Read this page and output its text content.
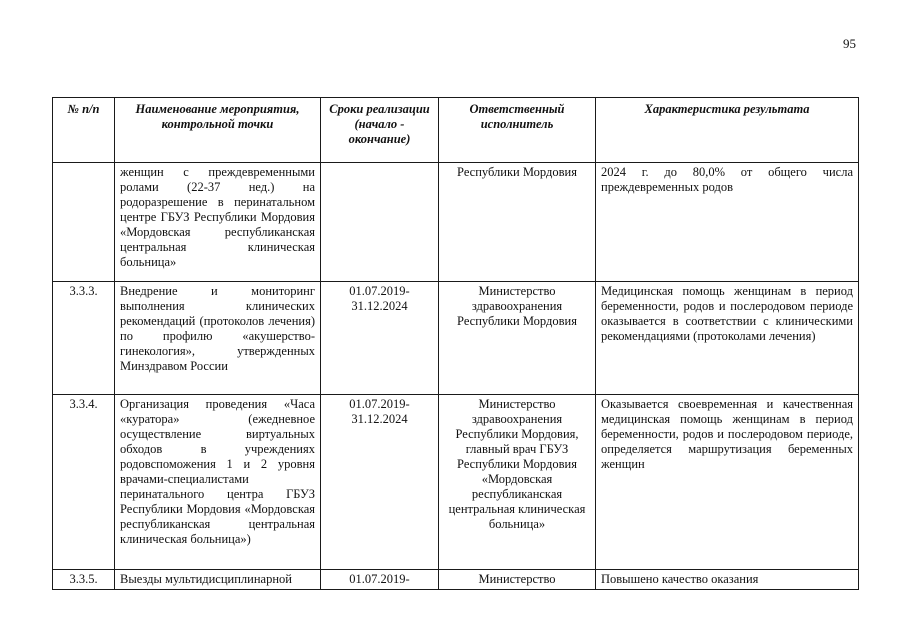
95
№ п/п	Наименование мероприятия, контрольной точки	Сроки реализации (начало - окончание)	Ответственный исполнитель	Характеристика результата
	женщин с преждевременными ролами (22-37 нед.) на родоразрешение в перинатальном центре ГБУЗ Республики Мордовия «Мордовская республиканская центральная клиническая больница»		Республики Мордовия	2024 г. до 80,0% от общего числа преждевременных родов
3.3.3.	Внедрение и мониторинг выполнения клинических рекомендаций (протоколов лечения) по профилю «акушерство-гинекология», утвержденных Минздравом России	01.07.2019-31.12.2024	Министерство здравоохранения Республики Мордовия	Медицинская помощь женщинам в период беременности, родов и послеродовом периоде оказывается в соответствии с клиническими рекомендациями (протоколами лечения)
3.3.4.	Организация проведения «Часа «куратора» (ежедневное осуществление виртуальных обходов в учреждениях родовспоможения 1 и 2 уровня врачами-специалистами перинатального центра ГБУЗ Республики Мордовия «Мордовская республиканская центральная клиническая больница»)	01.07.2019-31.12.2024	Министерство здравоохранения Республики Мордовия, главный врач ГБУЗ Республики Мордовия «Мордовская республиканская центральная клиническая больница»	Оказывается своевременная и качественная медицинская помощь женщинам в период беременности, родов и послеродовом периоде, определяется маршрутизация беременных женщин
3.3.5.	Выезды мультидисциплинарной	01.07.2019-	Министерство	Повышено качество оказания
